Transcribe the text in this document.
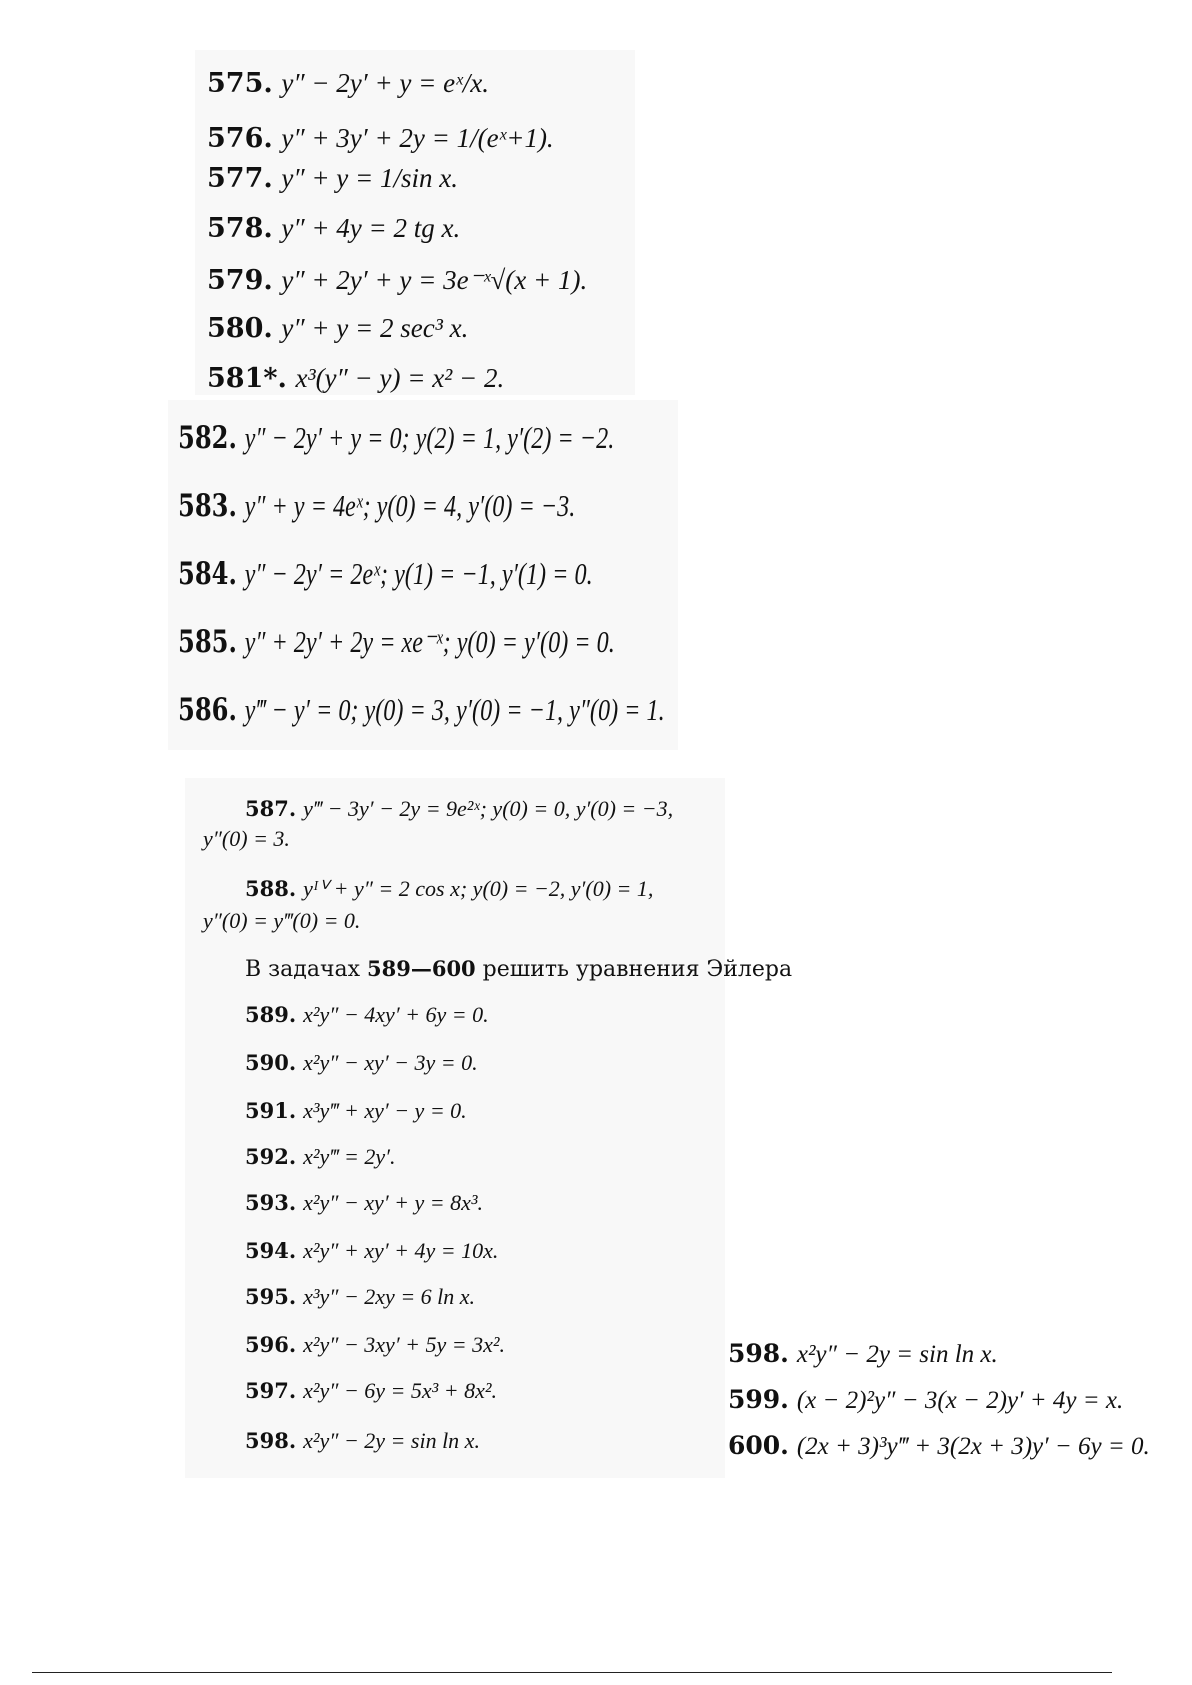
575. y″ − 2y′ + y = eˣ/x.
576. y″ + 3y′ + 2y = 1/(eˣ+1).
577. y″ + y = 1/sin x.
578. y″ + 4y = 2 tg x.
579. y″ + 2y′ + y = 3e⁻ˣ√(x + 1).
580. y″ + y = 2 sec³ x.
581*. x³(y″ − y) = x² − 2.
582. y″ − 2y′ + y = 0; y(2) = 1, y′(2) = −2.
583. y″ + y = 4eˣ; y(0) = 4, y′(0) = −3.
584. y″ − 2y′ = 2eˣ; y(1) = −1, y′(1) = 0.
585. y″ + 2y′ + 2y = xe⁻ˣ; y(0) = y′(0) = 0.
586. y‴ − y′ = 0; y(0) = 3, y′(0) = −1, y″(0) = 1.
587. y‴ − 3y′ − 2y = 9e²ˣ; y(0) = 0, y′(0) = −3,
y″(0) = 3.
588. yᴵⱽ + y″ = 2 cos x; y(0) = −2, y′(0) = 1,
y″(0) = y‴(0) = 0.
В задачах 589—600 решить уравнения Эйлера
589. x²y″ − 4xy′ + 6y = 0.
590. x²y″ − xy′ − 3y = 0.
591. x³y‴ + xy′ − y = 0.
592. x²y‴ = 2y′.
593. x²y″ − xy′ + y = 8x³.
594. x²y″ + xy′ + 4y = 10x.
595. x³y″ − 2xy = 6 ln x.
596. x²y″ − 3xy′ + 5y = 3x².
597. x²y″ − 6y = 5x³ + 8x².
598. x²y″ − 2y = sin ln x.
598. x²y″ − 2y = sin ln x.
599. (x − 2)²y″ − 3(x − 2)y′ + 4y = x.
600. (2x + 3)³y‴ + 3(2x + 3)y′ − 6y = 0.
